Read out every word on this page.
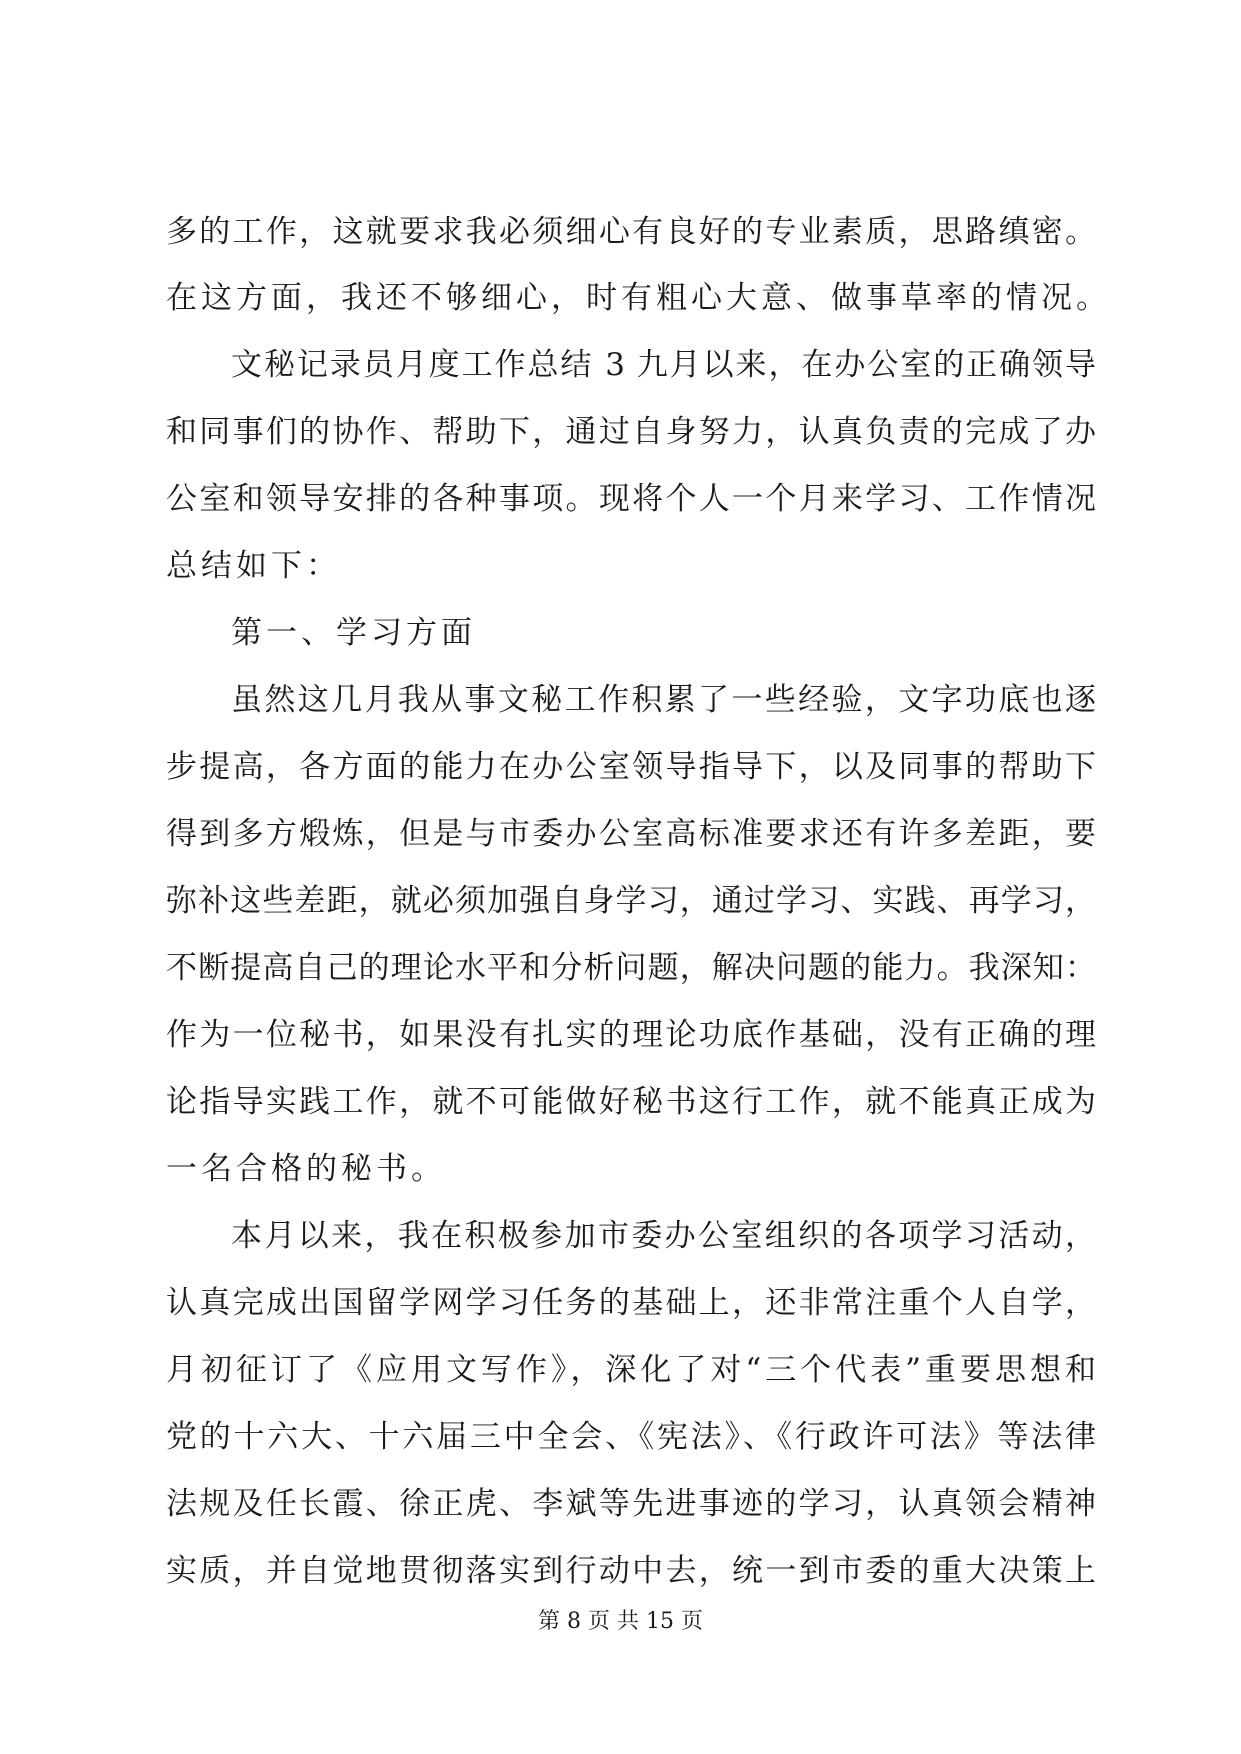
多的工作，这就要求我必须细心有良好的专业素质，思路缜密。
在这方面，我还不够细心，时有粗心大意、做事草率的情况。
文秘记录员月度工作总结 3 九月以来，在办公室的正确领导
和同事们的协作、帮助下，通过自身努力，认真负责的完成了办
公室和领导安排的各种事项。现将个人一个月来学习、工作情况
总结如下：
第一、学习方面
虽然这几月我从事文秘工作积累了一些经验，文字功底也逐
步提高，各方面的能力在办公室领导指导下，以及同事的帮助下
得到多方煅炼，但是与市委办公室高标准要求还有许多差距，要
弥补这些差距，就必须加强自身学习，通过学习、实践、再学习，
不断提高自己的理论水平和分析问题，解决问题的能力。我深知：
作为一位秘书，如果没有扎实的理论功底作基础，没有正确的理
论指导实践工作，就不可能做好秘书这行工作，就不能真正成为
一名合格的秘书。
本月以来，我在积极参加市委办公室组织的各项学习活动，
认真完成出国留学网学习任务的基础上，还非常注重个人自学，
月初征订了《应用文写作》，深化了对“三个代表”重要思想和
党的十六大、十六届三中全会、《宪法》、《行政许可法》等法律
法规及任长霞、徐正虎、李斌等先进事迹的学习，认真领会精神
实质，并自觉地贯彻落实到行动中去，统一到市委的重大决策上
第 8 页 共 15 页
